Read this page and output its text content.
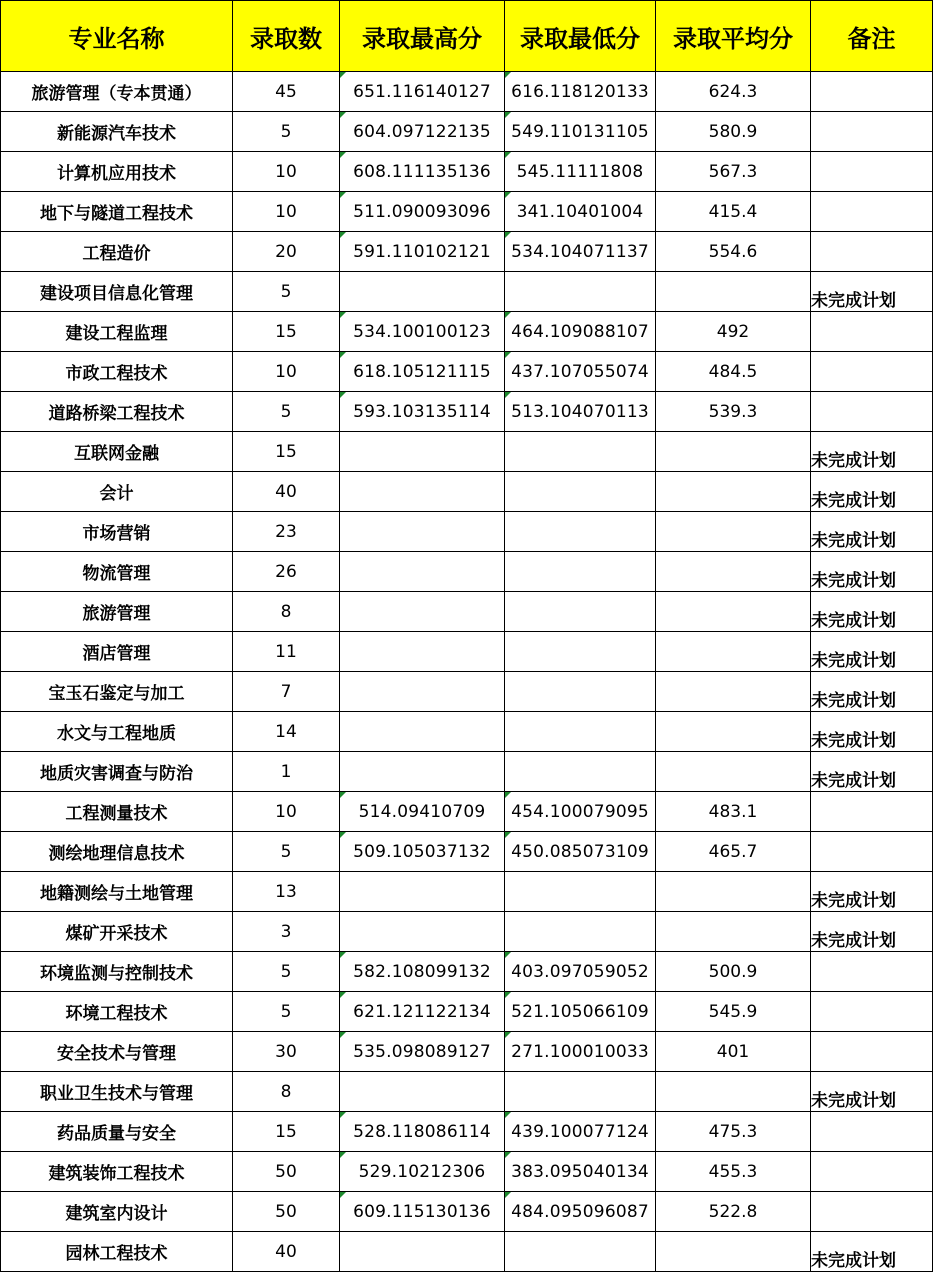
专业名称	录取数	录取最高分	录取最低分	录取平均分	备注
旅游管理（专本贯通）	45	651.116140127	616.118120133	624.3	
新能源汽车技术	5	604.097122135	549.110131105	580.9	
计算机应用技术	10	608.111135136	545.11111808	567.3	
地下与隧道工程技术	10	511.090093096	341.10401004	415.4	
工程造价	20	591.110102121	534.104071137	554.6	
建设项目信息化管理	5				未完成计划
建设工程监理	15	534.100100123	464.109088107	492	
市政工程技术	10	618.105121115	437.107055074	484.5	
道路桥梁工程技术	5	593.103135114	513.104070113	539.3	
互联网金融	15				未完成计划
会计	40				未完成计划
市场营销	23				未完成计划
物流管理	26				未完成计划
旅游管理	8				未完成计划
酒店管理	11				未完成计划
宝玉石鉴定与加工	7				未完成计划
水文与工程地质	14				未完成计划
地质灾害调查与防治	1				未完成计划
工程测量技术	10	514.09410709	454.100079095	483.1	
测绘地理信息技术	5	509.105037132	450.085073109	465.7	
地籍测绘与土地管理	13				未完成计划
煤矿开采技术	3				未完成计划
环境监测与控制技术	5	582.108099132	403.097059052	500.9	
环境工程技术	5	621.121122134	521.105066109	545.9	
安全技术与管理	30	535.098089127	271.100010033	401	
职业卫生技术与管理	8				未完成计划
药品质量与安全	15	528.118086114	439.100077124	475.3	
建筑装饰工程技术	50	529.10212306	383.095040134	455.3	
建筑室内设计	50	609.115130136	484.095096087	522.8	
园林工程技术	40				未完成计划
